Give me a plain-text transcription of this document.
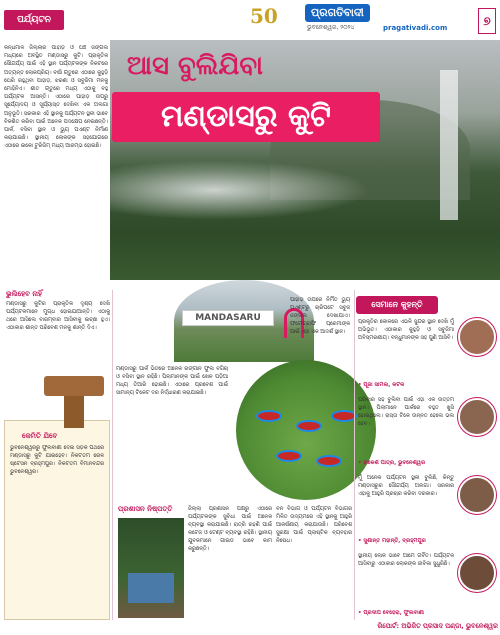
ପର୍ଯ୍ୟଟନ	50	ପ୍ରଗତିବାଦୀ
ଭୁବନେଶ୍ୱର, ୨୦୨୪	pragativadi.com
୭
ଆସ ବୁଲିଯିବା
ମଣ୍ଡାସରୁ କୁଟି
କନ୍ଧମାଳ ଜିଲ୍ଲାର ପାହାଡ଼ ଓ ଘଞ୍ଚ ଜଙ୍ଗଲ ମଧ୍ୟରେ ଅବସ୍ଥିତ ମଣ୍ଡାସରୁ କୁଟି। ପ୍ରାକୃତିକ ସୌନ୍ଦର୍ଯ୍ୟ ପାଇଁ ଏହି ସ୍ଥାନ ପର୍ଯ୍ୟଟକଙ୍କ ନିକଟରେ ଅତ୍ୟନ୍ତ ଲୋକପ୍ରିୟ। ବର୍ଷା ଋତୁରେ ଏଠାରେ କୁହୁଡ଼ି ଘେରି ରହୁଥିବା ପାହାଡ଼, ଝରଣା ଓ ସବୁଜିମା ମନକୁ ମୋହିନିଏ। ଶୀତ ଋତୁରେ ମଧ୍ୟ ଏଠାକୁ ବହୁ ପର୍ଯ୍ୟଟକ ଆସନ୍ତି। ଏଠାରେ ପାହାଡ଼ ଉପରୁ ସୂର୍ଯ୍ୟୋଦୟ ଓ ସୂର୍ଯ୍ୟାସ୍ତ ଦେଖିବା ଏକ ଅଲଗା ଅନୁଭୂତି। ସରକାର ଏହି ସ୍ଥାନକୁ ପର୍ଯ୍ୟଟନ ସ୍ଥଳୀ ଭାବେ ବିକଶିତ କରିବା ପାଇଁ ଅନେକ ପଦକ୍ଷେପ ନେଇଛନ୍ତି। ପାର୍କ, ବସିବା ସ୍ଥାନ ଓ ଭ୍ୟୁ ପଏଣ୍ଟ ନିର୍ମାଣ କରାଯାଇଛି। ସ୍ଥାନୀୟ ଲୋକଙ୍କ ସହଯୋଗରେ ଏଠାରେ ଇକୋ ଟୁରିଜିମ୍ ମଧ୍ୟ ଆରମ୍ଭ ହୋଇଛି।
ଭୁଲିହେବ ନାହିଁ
ମଣ୍ଡାସରୁ କୁଟିର ପ୍ରାକୃତିକ ଦୃଶ୍ୟ ଦେଖି ପର୍ଯ୍ୟଟକମାନେ ମୁଗ୍ଧ ହୋଇଯାଆନ୍ତି। ଏଠାକୁ ଥରେ ଆସିଲେ ବାରମ୍ବାର ଆସିବାକୁ ଇଚ୍ଛା ହୁଏ। ଏଠାକାର ଶାନ୍ତ ପରିବେଶ ମନକୁ ଶାନ୍ତି ଦିଏ।
କେମିତି ଯିବେ
ଭୁବନେଶ୍ୱରରୁ ଫୁଲବାଣୀ ଦେଇ ସଡ଼କ ପଥରେ ମଣ୍ଡାସରୁ କୁଟି ଯାଇହେବ। ନିକଟତମ ରେଳ ଷ୍ଟେସନ ବ୍ରହ୍ମପୁର। ନିକଟତମ ବିମାନବନ୍ଦର ଭୁବନେଶ୍ୱର।
MANDASARU
ମଣ୍ଡାସରୁ ପାର୍କ ଭିତରେ ଅନେକ ରଙ୍ଗୀନ ଫୁଲ ବଗିଚା ଓ ବସିବା ସ୍ଥାନ ରହିଛି। ପିଲାମାନଙ୍କ ପାଇଁ ଖେଳ ପଡ଼ିଆ ମଧ୍ୟ ତିଆରି ହୋଇଛି। ଏଠାରେ ପ୍ରବେଶ ପାଇଁ ସାମାନ୍ୟ ଟିକେଟ ଦର ନିର୍ଦ୍ଧାରଣ କରାଯାଇଛି।
ପାହାଡ଼ ଉପରେ ନିର୍ମିତ ଭ୍ୟୁ ପଏଣ୍ଟରୁ ଚାରିପଟେ ସବୁଜ ଜଙ୍ଗଲ ଦେଖାଯାଏ। ଫଟୋଗ୍ରାଫି ପ୍ରେମୀଙ୍କ ପାଇଁ ଏହା ଏକ ଆଦର୍ଶ ସ୍ଥାନ।
ପ୍ରଶାସନ ନିଷ୍ପତ୍ତି	ଜିଲ୍ଲା ପ୍ରଶାସନ ପକ୍ଷରୁ ଏଠାରେ ପର୍ଯ୍ୟଟକଙ୍କ ସୁବିଧା ପାଇଁ ଅନେକ ବ୍ୟବସ୍ଥା କରାଯାଇଛି। ରାତ୍ରି ରହଣି ପାଇଁ କଟେଜ ଓ ଟେଣ୍ଟ ବ୍ୟବସ୍ଥା ରହିଛି। ସ୍ଥାନୀୟ ଯୁବକମାନେ ଗାଇଡ ଭାବେ କାମ କରୁଛନ୍ତି।
ବନ ବିଭାଗ ଓ ପର୍ଯ୍ୟଟନ ବିଭାଗର ମିଳିତ ଉଦ୍ୟମରେ ଏହି ସ୍ଥାନକୁ ଆହୁରି ଆକର୍ଷଣୀୟ କରାଯାଉଛି। ପରିବେଶ ସୁରକ୍ଷା ପାଇଁ ପ୍ଲାଷ୍ଟିକ ବ୍ୟବହାର ନିଷେଧ।
ସେମାନେ କୁହନ୍ତି
ପ୍ରକୃତିର କୋଳରେ ଏଭଳି ସୁନ୍ଦର ସ୍ଥାନ ଦେଖି ମୁଁ ଅଭିଭୂତ। ଏଠାକାର କୁହୁଡ଼ି ଓ ସବୁଜିମା ଅବିସ୍ମରଣୀୟ। ବନ୍ଧୁମାନଙ୍କ ସହ ପୁଣି ଆସିବି।
• ପୂଜା ସାମଲ, କଟକ
ପରିବାର ସହ ବୁଲିବା ପାଇଁ ଏହା ଏକ ଉତ୍ତମ ସ୍ଥାନ। ପିଲାମାନେ ପାର୍କରେ ବହୁତ ଖୁସି ହୋଇଥିଲେ। ରାସ୍ତା ଟିକେ ଉନ୍ନତ ହେଲେ ଭଲ ହେବ।
• ରାକେଶ ପାତ୍ର, ଭୁବନେଶ୍ୱର
ମୁଁ ଅନେକ ପର୍ଯ୍ୟଟନ ସ୍ଥଳୀ ବୁଲିଛି, କିନ୍ତୁ ମଣ୍ଡାସରୁର ସୌନ୍ଦର୍ଯ୍ୟ ଅଲଗା। ସରକାର ଏହାକୁ ଆହୁରି ପ୍ରଚାର କରିବା ଦରକାର।
• ସୁଶାନ୍ତ ମହାନ୍ତି, ବ୍ରହ୍ମପୁର
ସ୍ଥାନୀୟ ଲୋକ ଭାବେ ଆମେ ଗର୍ବିତ। ପର୍ଯ୍ୟଟକ ଆସିବାରୁ ଏଠାକାର ଲୋକଙ୍କ ଜୀବିକା ସୁଧୁରିଛି।
• ପ୍ରଦୀପ ବେହେରା, ଫୁଲବାଣୀ
ରିପୋର୍ଟ: ଅଭିଜିତ ପ୍ରସାଦ ପଣ୍ଡା, ଭୁବନେଶ୍ୱର
